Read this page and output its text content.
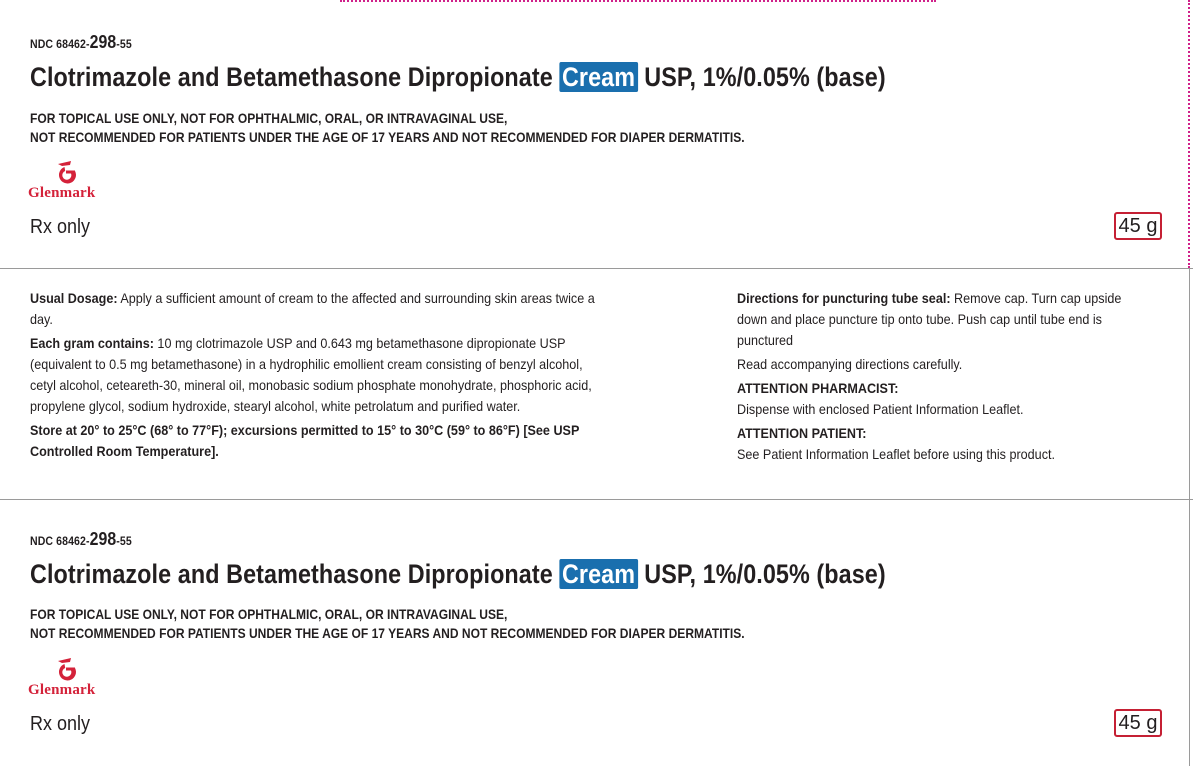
NDC 68462-298-55
Clotrimazole and Betamethasone Dipropionate Cream USP, 1%/0.05% (base)
FOR TOPICAL USE ONLY, NOT FOR OPHTHALMIC, ORAL, OR INTRAVAGINAL USE,
NOT RECOMMENDED FOR PATIENTS UNDER THE AGE OF 17 YEARS AND NOT RECOMMENDED FOR DIAPER DERMATITIS.
Glenmark
Rx only	45 g

Usual Dosage: Apply a sufficient amount of cream to the affected and surrounding skin areas twice a day.

Each gram contains: 10 mg clotrimazole USP and 0.643 mg betamethasone dipropionate USP (equivalent to 0.5 mg betamethasone) in a hydrophilic emollient cream consisting of benzyl alcohol, cetyl alcohol, ceteareth-30, mineral oil, monobasic sodium phosphate monohydrate, phosphoric acid, propylene glycol, sodium hydroxide, stearyl alcohol, white petrolatum and purified water.

Store at 20° to 25°C (68° to 77°F); excursions permitted to 15° to 30°C (59° to 86°F) [See USP Controlled Room Temperature].

Directions for puncturing tube seal: Remove cap. Turn cap upside down and place puncture tip onto tube. Push cap until tube end is punctured

Read accompanying directions carefully.

ATTENTION PHARMACIST:

Dispense with enclosed Patient Information Leaflet.

ATTENTION PATIENT:

See Patient Information Leaflet before using this product.

NDC 68462-298-55
Clotrimazole and Betamethasone Dipropionate Cream USP, 1%/0.05% (base)
FOR TOPICAL USE ONLY, NOT FOR OPHTHALMIC, ORAL, OR INTRAVAGINAL USE,
NOT RECOMMENDED FOR PATIENTS UNDER THE AGE OF 17 YEARS AND NOT RECOMMENDED FOR DIAPER DERMATITIS.
Glenmark
Rx only	45 g
